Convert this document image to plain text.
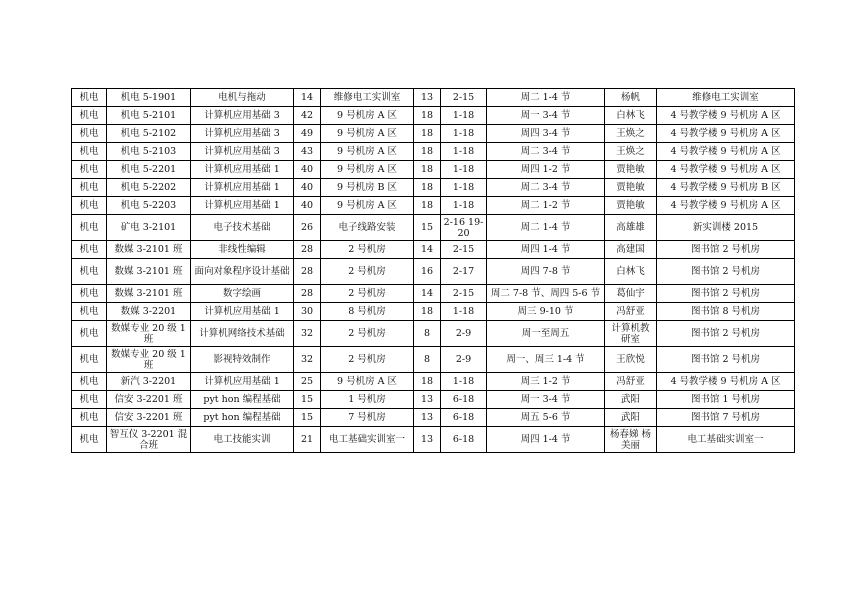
机电	机电 5-1901	电机与拖动	14	维修电工实训室	13	2-15	周二 1-4 节	杨帆	维修电工实训室
机电	机电 5-2101	计算机应用基础 3	42	9 号机房 A 区	18	1-18	周一 3-4 节	白林飞	4 号教学楼 9 号机房 A 区
机电	机电 5-2102	计算机应用基础 3	49	9 号机房 A 区	18	1-18	周四 3-4 节	王焕之	4 号教学楼 9 号机房 A 区
机电	机电 5-2103	计算机应用基础 3	43	9 号机房 A 区	18	1-18	周二 3-4 节	王焕之	4 号教学楼 9 号机房 A 区
机电	机电 5-2201	计算机应用基础 1	40	9 号机房 A 区	18	1-18	周四 1-2 节	贾艳敏	4 号教学楼 9 号机房 A 区
机电	机电 5-2202	计算机应用基础 1	40	9 号机房 B 区	18	1-18	周二 3-4 节	贾艳敏	4 号教学楼 9 号机房 B 区
机电	机电 5-2203	计算机应用基础 1	40	9 号机房 A 区	18	1-18	周二 1-2 节	贾艳敏	4 号教学楼 9 号机房 A 区
机电	矿电 3-2101	电子技术基础	26	电子线路安装	15	2-16 19-20	周二 1-4 节	高雄雄	新实训楼 2015
机电	数媒 3-2101 班	非线性编辑	28	2 号机房	14	2-15	周四 1-4 节	高建国	图书馆 2 号机房
机电	数媒 3-2101 班	面向对象程序设计基础	28	2 号机房	16	2-17	周四 7-8 节	白林飞	图书馆 2 号机房
机电	数媒 3-2101 班	数字绘画	28	2 号机房	14	2-15	周二 7-8 节、周四 5-6 节	葛仙宇	图书馆 2 号机房
机电	数媒 3-2201	计算机应用基础 1	30	8 号机房	18	1-18	周三 9-10 节	冯舒亚	图书馆 8 号机房
机电	数媒专业 20 级 1 班	计算机网络技术基础	32	2 号机房	8	2-9	周一至周五	计算机教研室	图书馆 2 号机房
机电	数媒专业 20 级 1 班	影视特效制作	32	2 号机房	8	2-9	周一、周三 1-4 节	王欣悦	图书馆 2 号机房
机电	新汽 3-2201	计算机应用基础 1	25	9 号机房 A 区	18	1-18	周三 1-2 节	冯舒亚	4 号教学楼 9 号机房 A 区
机电	信安 3-2201 班	pyt hon 编程基础	15	1 号机房	13	6-18	周一 3-4 节	武阳	图书馆 1 号机房
机电	信安 3-2201 班	pyt hon 编程基础	15	7 号机房	13	6-18	周五 5-6 节	武阳	图书馆 7 号机房
机电	智互仪 3-2201 混合班	电工技能实训	21	电工基础实训室一	13	6-18	周四 1-4 节	杨春娣 杨美丽	电工基础实训室一
